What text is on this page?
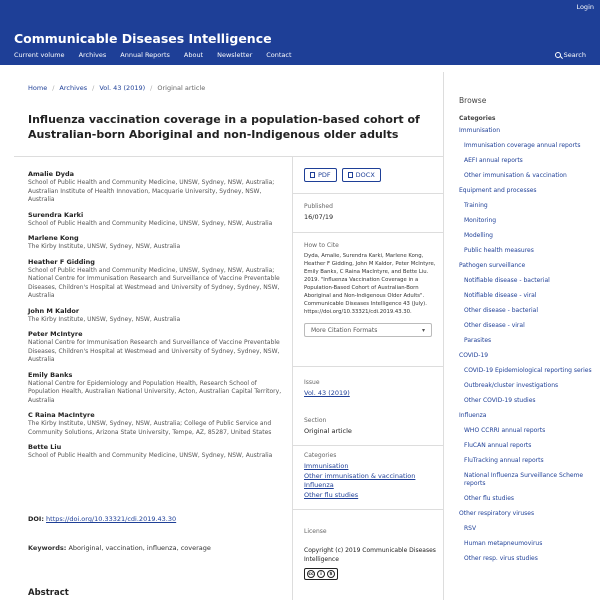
Login
Communicable Diseases Intelligence
Current volume Archives Annual Reports About Newsletter Contact	Search
Home / Archives / Vol. 43 (2019) / Original article
Influenza vaccination coverage in a population-based cohort of Australian-born Aboriginal and non-Indigenous older adults
Amalie Dyda
School of Public Health and Community Medicine, UNSW, Sydney, NSW, Australia; Australian Institute of Health Innovation, Macquarie University, Sydney, NSW, Australia
Surendra Karki
School of Public Health and Community Medicine, UNSW, Sydney, NSW, Australia
Marlene Kong
The Kirby Institute, UNSW, Sydney, NSW, Australia
Heather F Gidding
School of Public Health and Community Medicine, UNSW, Sydney, NSW, Australia; National Centre for Immunisation Research and Surveillance of Vaccine Preventable Diseases, Children's Hospital at Westmead and University of Sydney, Sydney, NSW, Australia
John M Kaldor
The Kirby Institute, UNSW, Sydney, NSW, Australia
Peter McIntyre
National Centre for Immunisation Research and Surveillance of Vaccine Preventable Diseases, Children's Hospital at Westmead and University of Sydney, Sydney, NSW, Australia
Emily Banks
National Centre for Epidemiology and Population Health, Research School of Population Health, Australian National University, Acton, Australian Capital Territory, Australia
C Raina MacIntyre
The Kirby Institute, UNSW, Sydney, NSW, Australia; College of Public Service and Community Solutions, Arizona State University, Tempe, AZ, 85287, United States
Bette Liu
School of Public Health and Community Medicine, UNSW, Sydney, NSW, Australia
DOI: https://doi.org/10.33321/cdi.2019.43.30
Keywords: Aboriginal, vaccination, influenza, coverage
Abstract
PDF	DOCX
Published
16/07/19
How to Cite
Dyda, Amalie, Surendra Karki, Marlene Kong, Heather F Gidding, John M Kaldor, Peter McIntyre, Emily Banks, C Raina MacIntyre, and Bette Liu. 2019. "Influenza Vaccination Coverage in a Population-Based Cohort of Australian-Born Aboriginal and Non-Indigenous Older Adults". Communicable Diseases Intelligence 43 (July). https://doi.org/10.33321/cdi.2019.43.30.
More Citation Formats	▾
Issue
Vol. 43 (2019)
Section
Original article
Categories
Immunisation
Other immunisation & vaccination
Influenza
Other flu studies
License
Copyright (c) 2019 Communicable Diseases Intelligence
cc	i	$
Browse
Categories
Immunisation
Immunisation coverage annual reports
AEFI annual reports
Other immunisation & vaccination
Equipment and processes
Training
Monitoring
Modelling
Public health measures
Pathogen surveillance
Notifiable disease - bacterial
Notifiable disease - viral
Other disease - bacterial
Other disease - viral
Parasites
COVID-19
COVID-19 Epidemiological reporting series
Outbreak/cluster investigations
Other COVID-19 studies
Influenza
WHO CCRRI annual reports
FluCAN annual reports
FluTracking annual reports
National Influenza Surveillance Scheme reports
Other flu studies
Other respiratory viruses
RSV
Human metapneumovirus
Other resp. virus studies
